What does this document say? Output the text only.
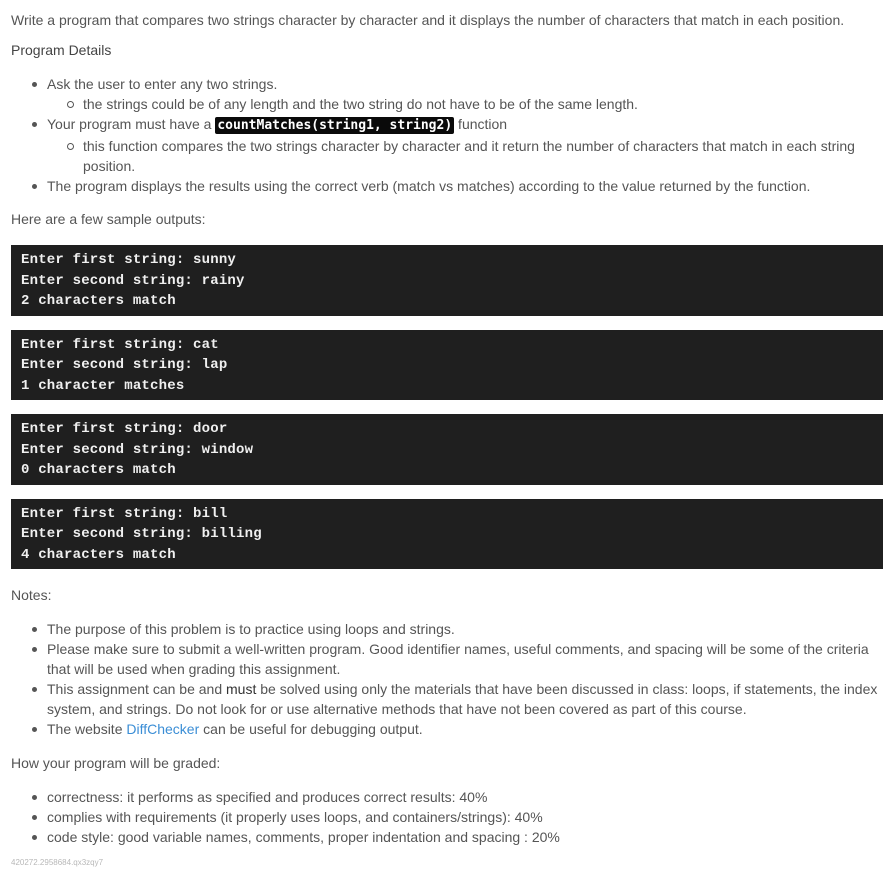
Write a program that compares two strings character by character and it displays the number of characters that match in each position.

Program Details

Ask the user to enter any two strings.
the strings could be of any length and the two string do not have to be of the same length.
Your program must have a countMatches(string1, string2) function
this function compares the two strings character by character and it return the number of characters that match in each string position.
The program displays the results using the correct verb (match vs matches) according to the value returned by the function.

Here are a few sample outputs:

Enter first string: sunny
Enter second string: rainy
2 characters match
Enter first string: cat
Enter second string: lap
1 character matches
Enter first string: door
Enter second string: window
0 characters match
Enter first string: bill
Enter second string: billing
4 characters match

Notes:

The purpose of this problem is to practice using loops and strings.
Please make sure to submit a well-written program. Good identifier names, useful comments, and spacing will be some of the criteria that will be used when grading this assignment.
This assignment can be and must be solved using only the materials that have been discussed in class: loops, if statements, the index system, and strings. Do not look for or use alternative methods that have not been covered as part of this course.
The website DiffChecker can be useful for debugging output.

How your program will be graded:

correctness: it performs as specified and produces correct results: 40%
complies with requirements (it properly uses loops, and containers/strings): 40%
code style: good variable names, comments, proper indentation and spacing : 20%
420272.2958684.qx3zqy7
